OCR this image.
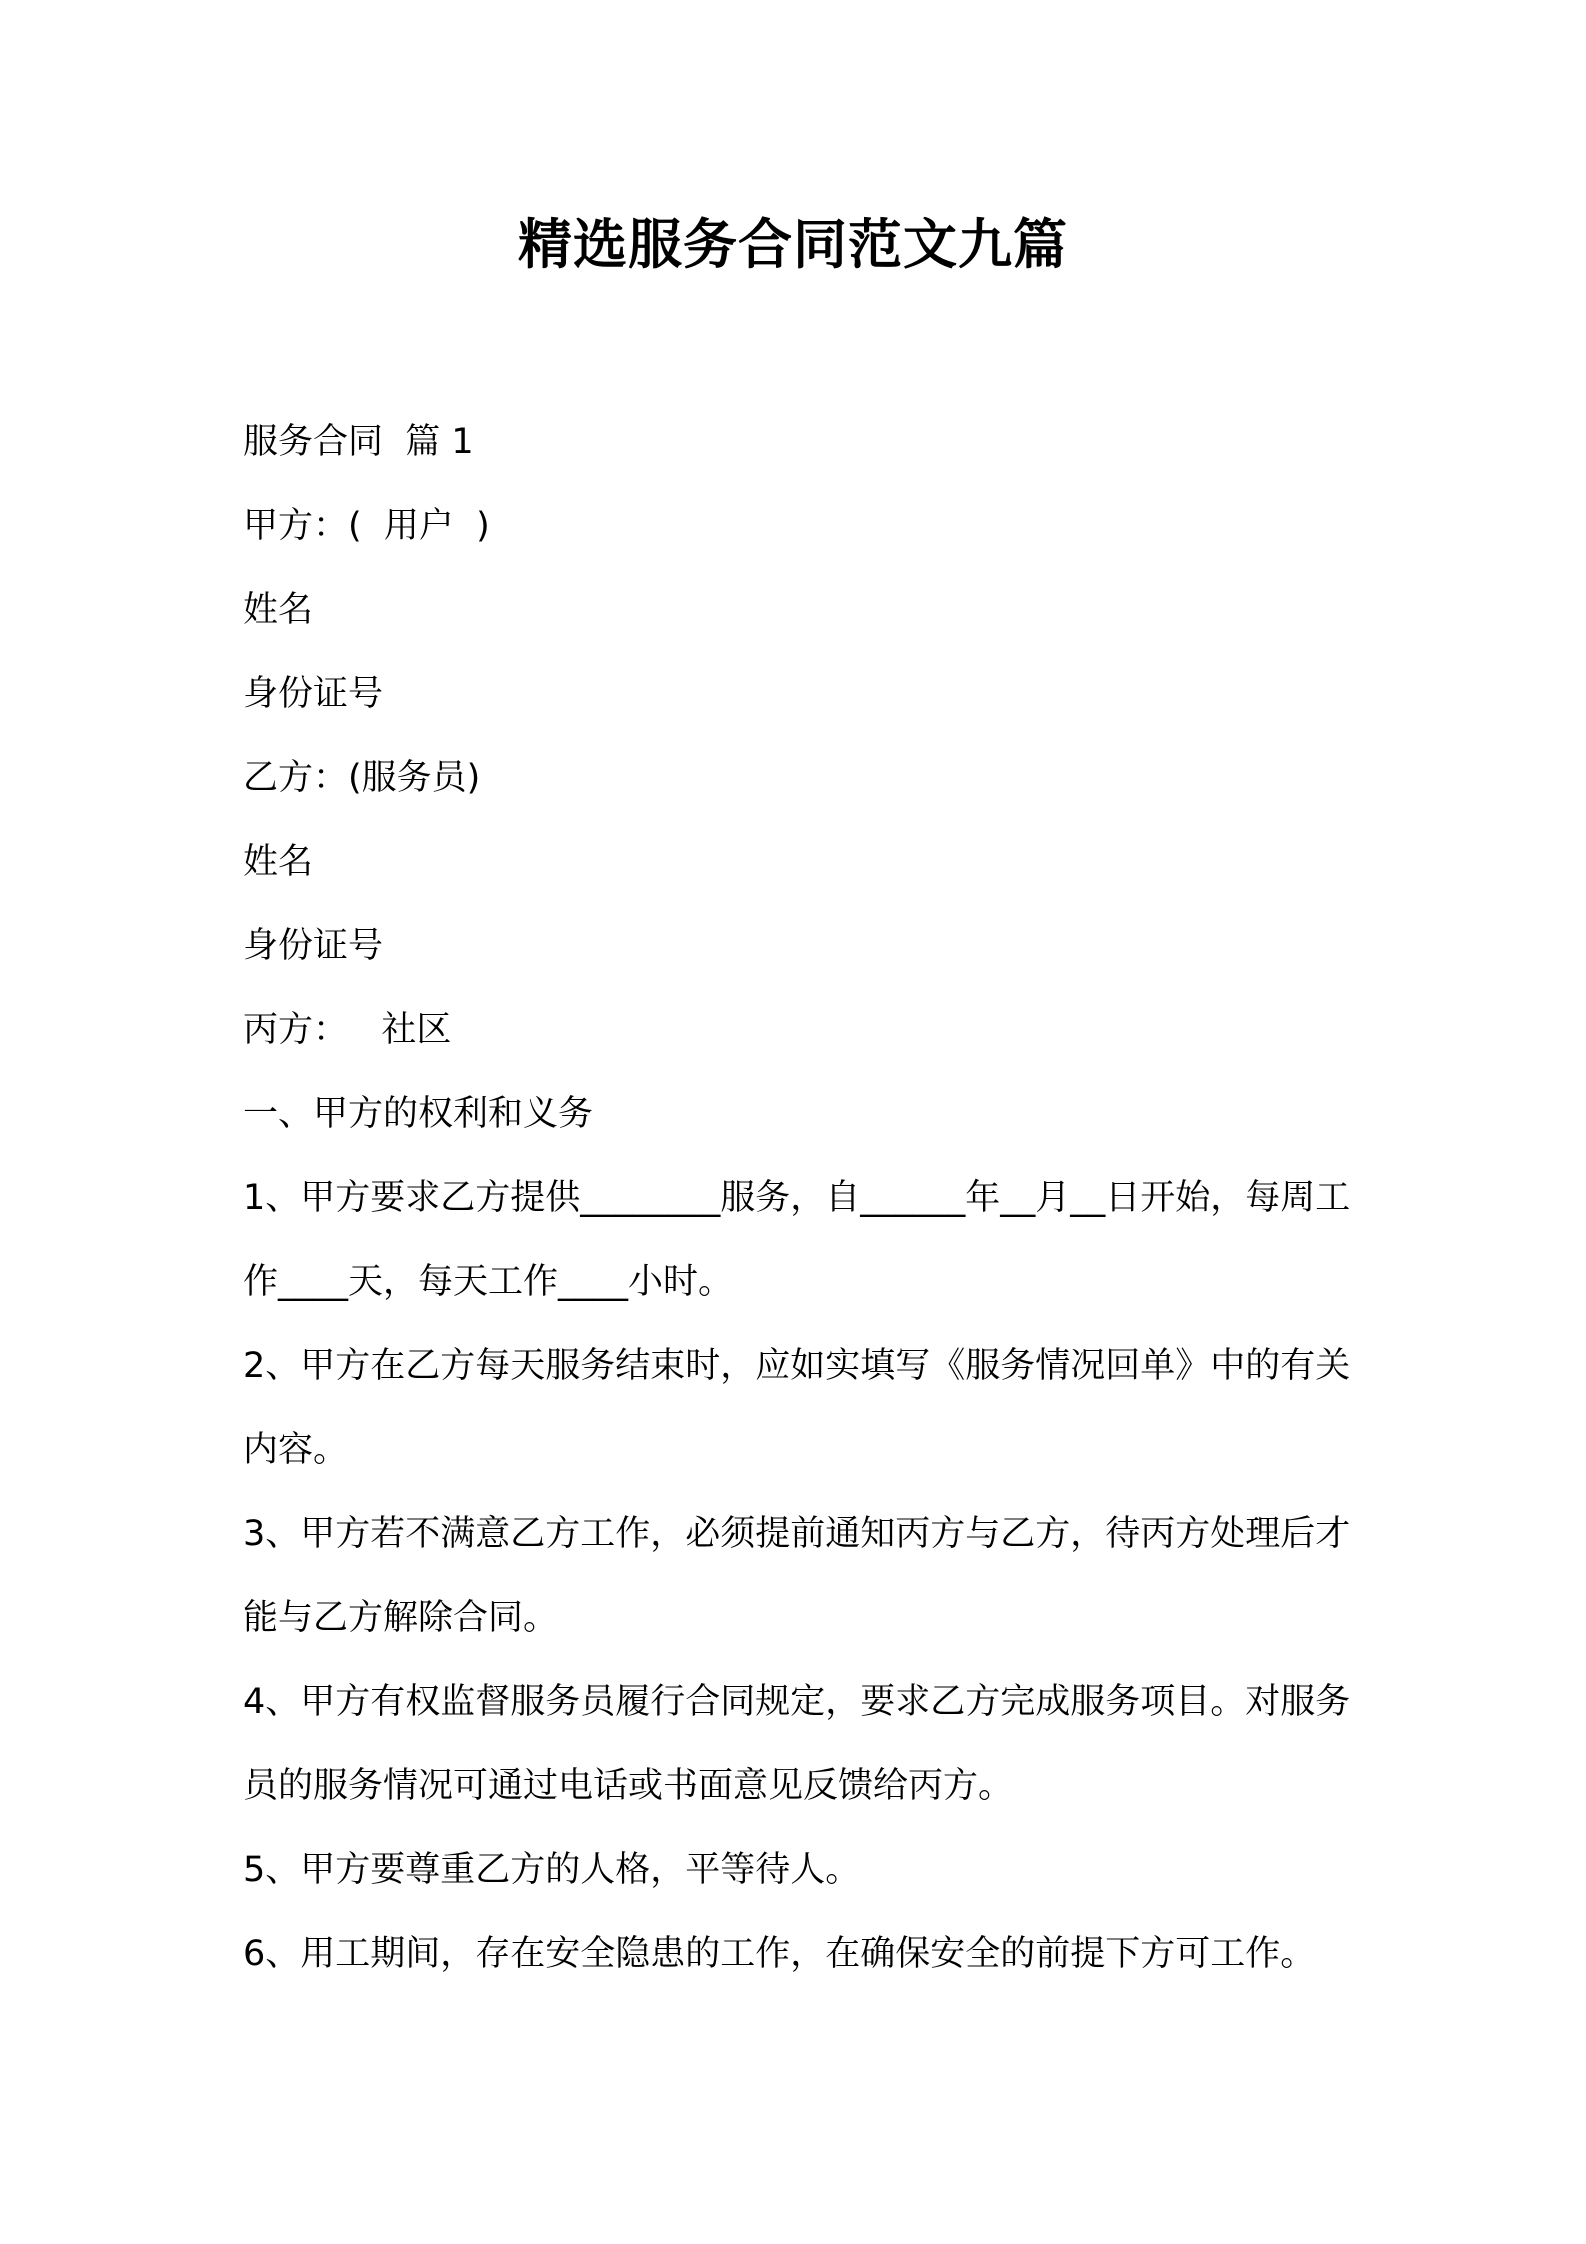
精选服务合同范文九篇
服务合同  篇 1
甲方：(  用户  )
姓名
身份证号
乙方：(服务员)
姓名
身份证号
丙方：   社区
一、甲方的权利和义务
1、甲方要求乙方提供________服务，自______年__月__日开始，每周工作____天，每天工作____小时。
2、甲方在乙方每天服务结束时，应如实填写《服务情况回单》中的有关内容。
3、甲方若不满意乙方工作，必须提前通知丙方与乙方，待丙方处理后才能与乙方解除合同。
4、甲方有权监督服务员履行合同规定，要求乙方完成服务项目。对服务员的服务情况可通过电话或书面意见反馈给丙方。
5、甲方要尊重乙方的人格，平等待人。
6、用工期间，存在安全隐患的工作，在确保安全的前提下方可工作。
